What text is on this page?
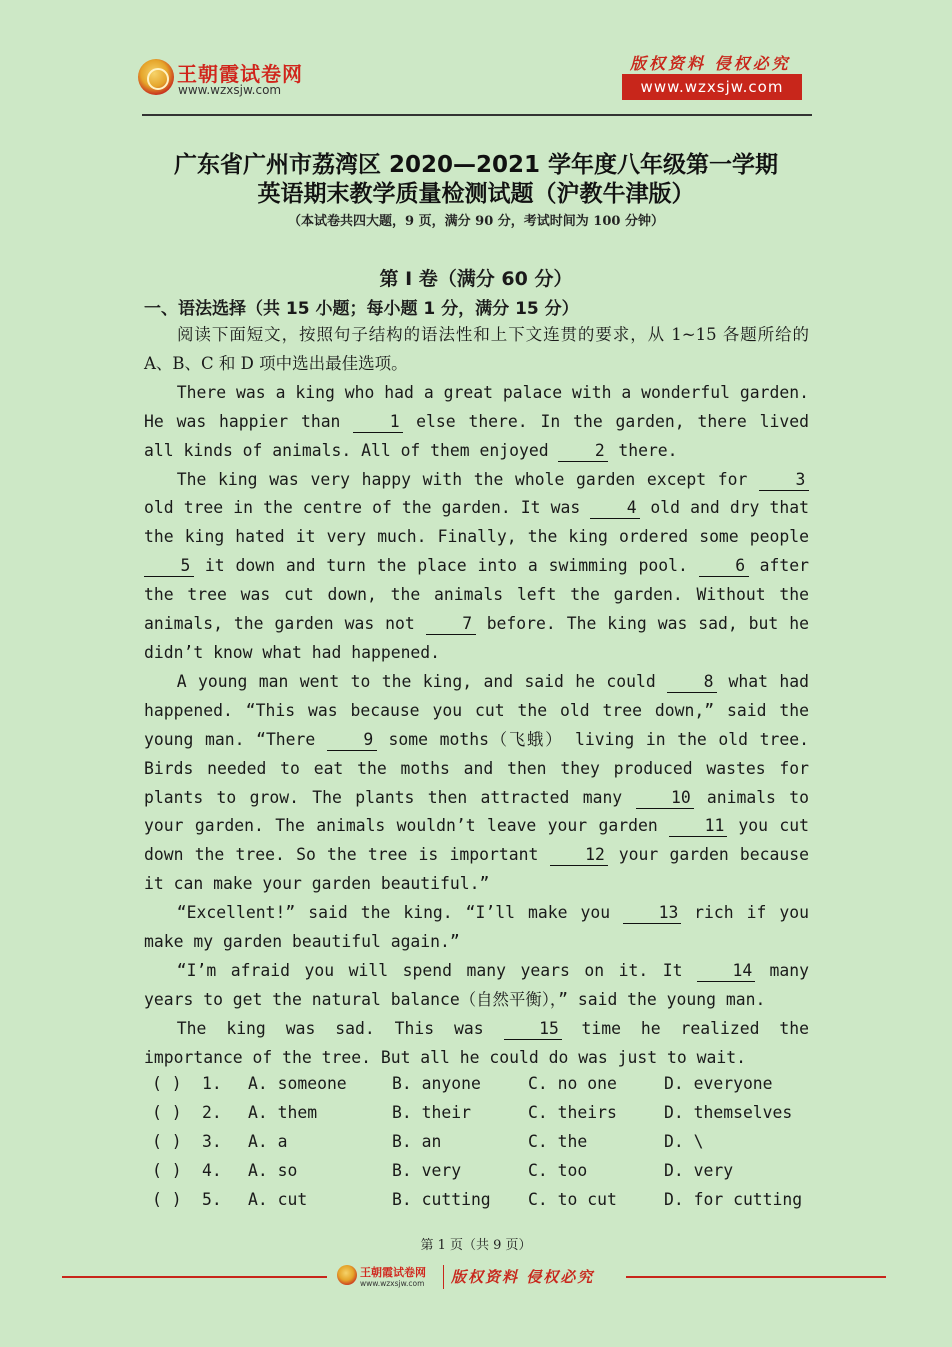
王朝霞试卷网
www.wzxsjw.com
版权资料 侵权必究
www.wzxsjw.com
广东省广州市荔湾区 2020—2021 学年度八年级第一学期
英语期末教学质量检测试题（沪教牛津版）
（本试卷共四大题，9 页，满分 90 分，考试时间为 100 分钟）
第 I 卷（满分 60 分）
一、语法选择（共 15 小题；每小题 1 分，满分 15 分）

阅读下面短文，按照句子结构的语法性和上下文连贯的要求，从 1~15 各题所给的 A、B、C 和 D 项中选出最佳选项。

There was a king who had a great palace with a wonderful garden. He was happier than 1 else there. In the garden, there lived all kinds of animals. All of them enjoyed 2 there.

The king was very happy with the whole garden except for 3 old tree in the centre of the garden. It was 4 old and dry that the king hated it very much. Finally, the king ordered some people 5 it down and turn the place into a swimming pool. 6 after the tree was cut down, the animals left the garden. Without the animals, the garden was not 7 before. The king was sad, but he didn’t know what had happened.

A young man went to the king, and said he could 8 what had happened. “This was because you cut the old tree down,” said the young man. “There 9 some moths（飞蛾） living in the old tree. Birds needed to eat the moths and then they produced wastes for plants to grow. The plants then attracted many 10 animals to your garden. The animals wouldn’t leave your garden 11 you cut down the tree. So the tree is important 12 your garden because it can make your garden beautiful.”

“Excellent!” said the king. “I’ll make you 13 rich if you make my garden beautiful again.”

“I’m afraid you will spend many years on it. It 14 many years to get the natural balance（自然平衡），” said the young man.

The king was sad. This was 15 time he realized the importance of the tree. But all he could do was just to wait.

( ) 1. A. someone	B. anyone	C. no one	D. everyone
( ) 2. A. them	B. their	C. theirs	D. themselves
( ) 3. A. a	B. an	C. the	D. \
( ) 4. A. so	B. very	C. too	D. very
( ) 5. A. cut	B. cutting C. to cut	D. for cutting
第 1 页（共 9 页）
王朝霞试卷网
www.wzxsjw.com 版权资料 侵权必究
